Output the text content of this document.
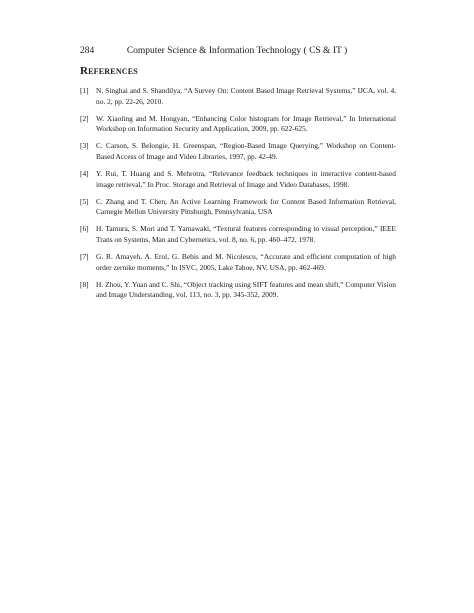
284	Computer Science & Information Technology ( CS & IT )
References
[1] N. Singhai and S. Shandilya, “A Survey On: Content Based Image Retrieval Systems,” IJCA, vol. 4, no. 2, pp. 22-26, 2010.
[2] W. Xiaoling and M. Hongyan, “Enhancing Color histogram for Image Retrieval,” In International Workshop on Information Security and Application, 2009, pp. 622-625.
[3] C. Carson, S. Belongie, H. Greenspan, “Region-Based Image Querying,” Workshop on Content-Based Access of Image and Video Libraries, 1997, pp. 42-49.
[4] Y. Rui, T. Huang and S. Mehrotra, “Relevance feedback techniques in interactive content-based image retrieval,” In Proc. Storage and Retrieval of Image and Video Databases, 1998.
[5] C. Zhang and T. Chen, An Active Learning Framework for Content Based Information Retrieval, Carnegie Mellon University Pittsburgh, Pennsylvania, USA
[6] H. Tamura, S. Mori and T. Yamawaki, “Textural features corresponding to visual perception,” IEEE Trans on Systems, Man and Cybernetics, vol. 8, no. 6, pp. 460–472, 1978.
[7] G. R. Amayeh, A. Erol, G. Bebis and M. Nicolescu, “Accurate and efficient computation of high order zernike moments,” In ISVC, 2005, Lake Tahoe, NV, USA, pp. 462-469.
[8] H. Zhou, Y. Yuan and C. Shi, “Object tracking using SIFT features and mean shift,” Computer Vision and Image Understanding, vol. 113, no. 3, pp. 345-352, 2009.
